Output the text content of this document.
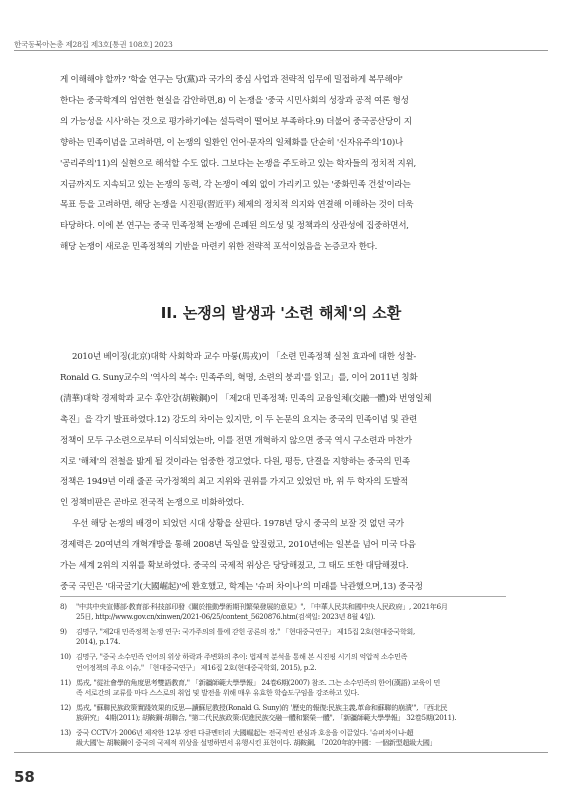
한국동북아논총 제28집 제3호[통권 108호] 2023

게 이해해야 할까? '학술 연구는 당(黨)과 국가의 중심 사업과 전략적 임무에 밀접하게 복무해야'

한다는 중국학계의 엄연한 현실을 감안하면,8) 이 논쟁을 '중국 시민사회의 성장과 공적 여론 형성

의 가능성을 시사'하는 것으로 평가하기에는 설득력이 떨어보 부족하다.9) 더불어 중국공산당이 지

향하는 민족이념을 고려하면, 이 논쟁의 일환인 언어·문자의 일체화를 단순히 '신자유주의'10)나

'공리주의'11)의 실현으로 해석할 수도 없다. 그보다는 논쟁을 주도하고 있는 학자들의 정치적 지위,

지금까지도 지속되고 있는 논쟁의 동력, 각 논쟁이 예외 없이 가리키고 있는 '중화민족 건설'이라는

목표 등을 고려하면, 해당 논쟁을 시진핑(習近平) 체제의 정치적 의지와 연결해 이해하는 것이 더욱

타당하다. 이에 본 연구는 중국 민족정책 논쟁에 은폐된 의도성 및 정책과의 상관성에 집중하면서,

해당 논쟁이 새로운 민족정책의 기반을 마련키 위한 전략적 포석이었음을 논증코자 한다.

II. 논쟁의 발생과 '소련 해체'의 소환

2010년 베이징(北京)대학 사회학과 교수 마룽(馬戎)이 「소련 민족정책 실천 효과에 대한 성찰-

Ronald G. Suny교수의 '역사의 복수: 민족주의, 혁명, 소련의 붕괴'를 읽고」를, 이어 2011년 칭화

(清華)대학 경제학과 교수 후안강(胡鞍鋼)이 「제2대 민족정책: 민족의 교융일체(交融一體)와 번영일체

촉진」을 각기 발표하였다.12) 강도의 차이는 있지만, 이 두 논문의 요지는 중국의 민족이념 및 관련

정책이 모두 구소련으로부터 이식되었는바, 이를 전면 개혁하지 않으면 중국 역시 구소련과 마찬가

지로 '해체'의 전철을 밟게 될 것이라는 엄중한 경고였다. 다원, 평등, 단결을 지향하는 중국의 민족

정책은 1949년 이래 줄곧 국가정책의 최고 지위와 권위를 가지고 있었던 바, 위 두 학자의 도발적

인 정책비판은 곧바로 전국적 논쟁으로 비화하였다.

우선 해당 논쟁의 배경이 되었던 시대 상황을 살핀다. 1978년 당시 중국의 보잘 것 없던 국가

경제력은 20여년의 개혁개방을 통해 2008년 독일을 앞질렀고, 2010년에는 일본을 넘어 미국 다음

가는 세계 2위의 지위를 확보하였다. 중국의 국제적 위상은 당당해졌고, 그 태도 또한 대담해졌다.

중국 국민은 '대국굴기(大國崛起)'에 환호했고, 학계는 '슈퍼 차이나'의 미래를 낙관했으며,13) 중국정

8)	"中共中央宣傳部·教育部·科技部印發《關於推動學術期刊繁榮發展的意見》", 「中華人民共和國中央人民政府」, 2021年6月
25日, http://www.gov.cn/xinwen/2021-06/25/content_5620876.htm(검색일: 2023년 8월 4일).
9)	김명구, "제2대 민족정책 논쟁 연구: 국가주의의 틀에 갇힌 공론의 장," 「현대중국연구」 제15집 2호(현대중국학회,
2014), p.174.
10) 김명구, "중국 소수민족 언어의 위상 하락과 주변화의 추이: 법제적 분석을 통해 본 시진핑 시기의 억압적 소수민족
언어정책의 주요 이슈," 「현대중국연구」 제16집 2호(현대중국학회, 2015), p.2.
11) 馬戎, "從社會學的角度思考雙語教育," 「新疆師範大學學報」 24卷6期(2007) 참조. 그는 소수민족의 한어(漢語) 교육이 민
족 서로간의 교류를 마다 스스로의 취업 및 발전을 위해 매우 유효한 학습도구임을 강조하고 있다.
12) 馬戎, "蘇聯民族政策實踐效果的反思—讀蘇尼教授(Ronald G. Suny)的 '歷史的報復:民族主義,革命和蘇聯的崩潰'", 「西北民
族研究」 4期(2011); 胡鞍鋼·胡聯合, "第二代民族政策:促進民族交融一體和繁榮一體", 「新疆師範大學學報」 32卷5期(2011).
13) 중국 CCTV가 2006년 제작한 12부 장편 다큐멘터리 大國崛起는 전국적인 관심과 호응을 이끌었다. '슈퍼차이나-超
級大國'는 胡鞍鋼이 중국의 국제적 위상을 설명하면서 유행시킨 표현이다. 胡鞍鋼, 「2020年的中國：一個新型超級大國」
58
